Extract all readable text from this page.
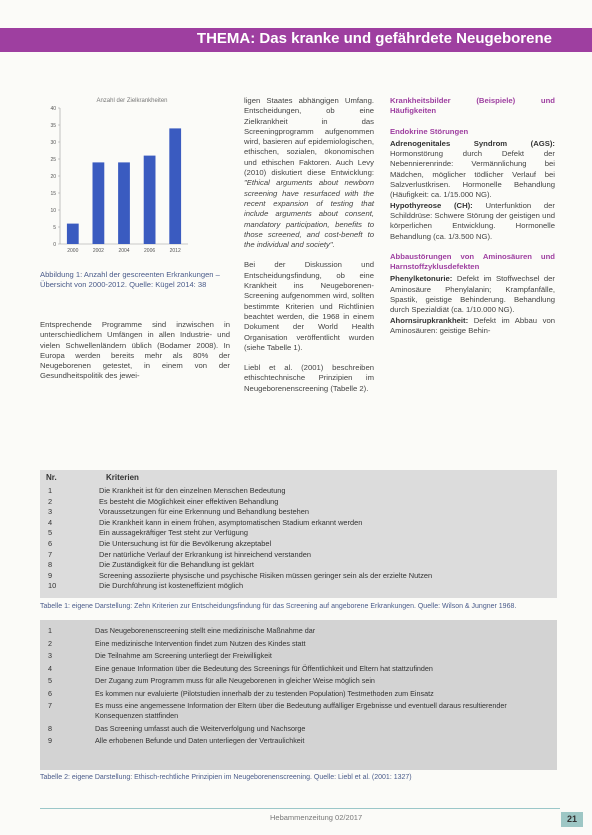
THEMA: Das kranke und gefährdete Neugeborene
Anzahl der Zielkrankheiten
0
5
10
15
20
25
30
35
40
2000	2002	2004	2006	2012
Abbildung 1: Anzahl der gescreenten Erkrankungen – Übersicht von 2000-2012. Quelle: Kügel 2014: 38

Entsprechende Programme sind inzwischen in unterschiedlichem Umfängen in allen Industrie- und vielen Schwellenländern üblich (Bodamer 2008). In Europa werden bereits mehr als 80% der Neugeborenen getestet, in einem von der Gesundheitspolitik des jewei-

ligen Staates abhängigen Umfang. Entscheidungen, ob eine Zielkrankheit in das Screeningprogramm aufgenommen wird, basieren auf epidemiologischen, ethischen, sozialen, ökonomischen und ethischen Faktoren. Auch Levy (2010) diskutiert diese Entwicklung: "Ethical arguments about newborn screening have resurfaced with the recent expansion of testing that include arguments about consent, mandatory participation, benefits to those screened, and cost-beneft to the individual and society".

Bei der Diskussion und Entscheidungsfindung, ob eine Krankheit ins Neugeborenen-Screening aufgenommen wird, sollten bestimmte Kriterien und Richtlinien beachtet werden, die 1968 in einem Dokument der World Health Organisation veröffentlicht wurden (siehe Tabelle 1).

Liebl et al. (2001) beschreiben ethischtechnische Prinzipien im Neugeborenenscreening (Tabelle 2).

Krankheitsbilder (Beispiele) und Häufigkeiten
Endokrine Störungen

Adrenogenitales Syndrom (AGS): Hormonstörung durch Defekt der Nebennierenrinde: Vermännlichung bei Mädchen, möglicher tödlicher Verlauf bei Salzverlustkrisen. Hormonelle Behandlung (Häufigkeit: ca. 1/15.000 NG).

Hypothyreose (CH): Unterfunktion der Schilddrüse: Schwere Störung der geistigen und körperlichen Entwicklung. Hormonelle Behandlung (ca. 1/3.500 NG).

Abbaustörungen von Aminosäuren und Harnstoffzyklusdefekten

Phenylketonurie: Defekt im Stoffwechsel der Aminosäure Phenylalanin; Krampfanfälle, Spastik, geistige Behinderung. Behandlung durch Spezialdiät (ca. 1/10.000 NG).

Ahornsirupkrankheit: Defekt im Abbau von Aminosäuren: geistige Behin-

Nr.	Kriterien
1	Die Krankheit ist für den einzelnen Menschen Bedeutung
2	Es besteht die Möglichkeit einer effektiven Behandlung
3	Voraussetzungen für eine Erkennung und Behandlung bestehen
4	Die Krankheit kann in einem frühen, asymptomatischen Stadium erkannt werden
5	Ein aussagekräftiger Test steht zur Verfügung
6	Die Untersuchung ist für die Bevölkerung akzeptabel
7	Der natürliche Verlauf der Erkrankung ist hinreichend verstanden
8	Die Zuständigkeit für die Behandlung ist geklärt
9	Screening assoziierte physische und psychische Risiken müssen geringer sein als der erzielte Nutzen
10	Die Durchführung ist kosteneffizient möglich
Tabelle 1: eigene Darstellung: Zehn Kriterien zur Entscheidungsfindung für das Screening auf angeborene Erkrankungen. Quelle: Wilson & Jungner 1968.
1	Das Neugeborenenscreening stellt eine medizinische Maßnahme dar
2	Eine medizinische Intervention findet zum Nutzen des Kindes statt
3	Die Teilnahme am Screening unterliegt der Freiwilligkeit
4	Eine genaue Information über die Bedeutung des Screenings für Öffentlichkeit und Eltern hat stattzufinden
5	Der Zugang zum Programm muss für alle Neugeborenen in gleicher Weise möglich sein
6	Es kommen nur evaluierte (Pilotstudien innerhalb der zu testenden Population) Testmethoden zum Einsatz
7	Es muss eine angemessene Information der Eltern über die Bedeutung auffälliger Ergebnisse und eventuell daraus resultierender Konsequenzen stattfinden
8	Das Screening umfasst auch die Weiterverfolgung und Nachsorge
9	Alle erhobenen Befunde und Daten unterliegen der Vertraulichkeit
Tabelle 2: eigene Darstellung: Ethisch-rechtliche Prinzipien im Neugeborenenscreening. Quelle: Liebl et al. (2001: 1327)
Hebammenzeitung 02/2017	21
